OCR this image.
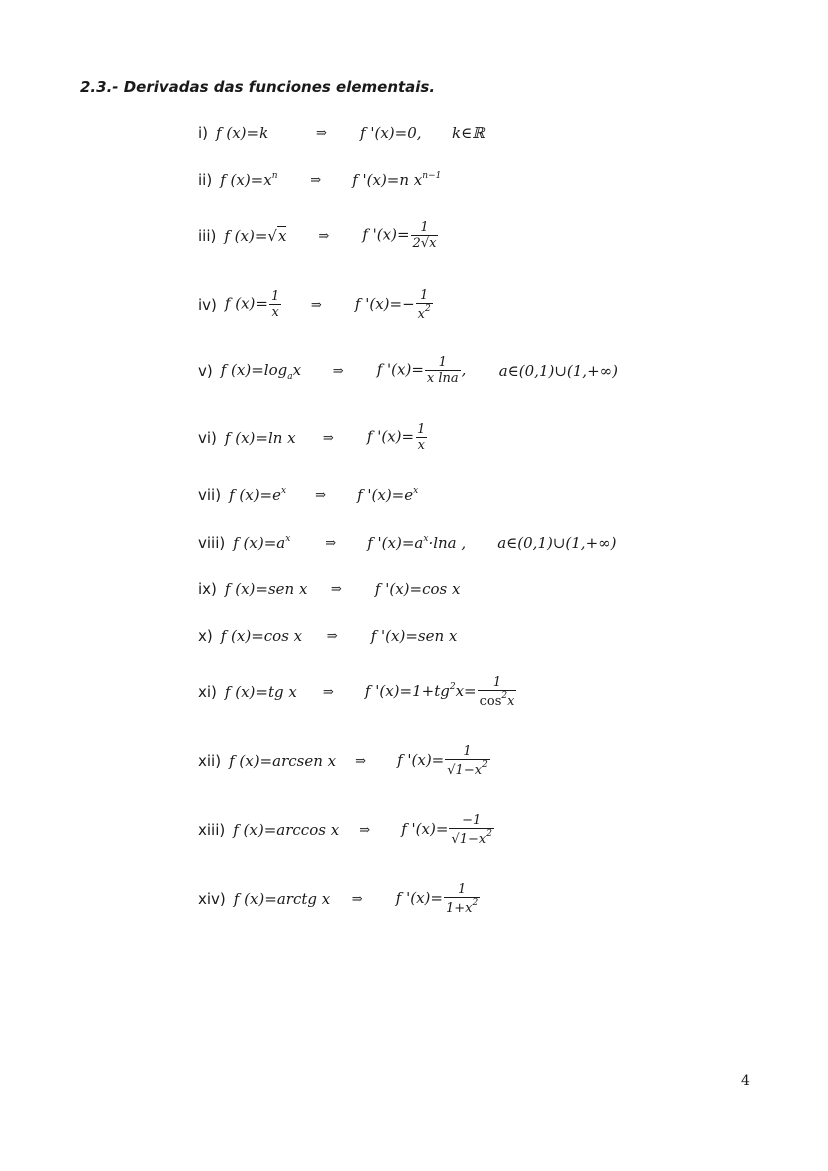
2.3.- Derivadas das funciones elementais.
i) f (x)=k	⇒	f '(x)=0,	k∈ℝ
ii) f $(x)=x^n$	⇒	f '(x)=n $x^{n-1}$
iii) f (x)=√x	⇒	f '$(x)= \frac{1}{2√x}$
iv) f $(x)= \frac{1}{x}$ ⇒	f '$(x)=- \frac{1}{x^2}$
v) f $(x)=\log_ax$	⇒	f '$(x)= \frac{1}{\text{x lna}}$ ,	a∈(0,1)∪(1,+∞)
vi) f (x)=ln x	⇒	f '$(x)= \frac{1}{x}$
vii) f $(x)=e^x$	⇒	f '$(x)=e^x$
viii) f $(x)=a^x$	⇒	f '$(x)=a^x\cdot\ln a$ ,	a∈(0,1)∪(1,+∞)
ix) f (x)=sen x	⇒	f '(x)=cos x
x) f (x)=cos x	⇒	f '(x)=sen x
xi) f (x)=tg x	⇒	f '$(x)=1+tg^2x= \frac{1}{\cos^2x}$
xii) f (x)=arcsen x	⇒	f '$(x)= \frac{1}{√1-x^2}$
xiii) f (x)=arccos x	⇒	f '$(x)= \frac{-1}{√1-x^2}$
xiv) f (x)=arctg x	⇒	f '$(x)= \frac{1}{1+x^2}$
4
